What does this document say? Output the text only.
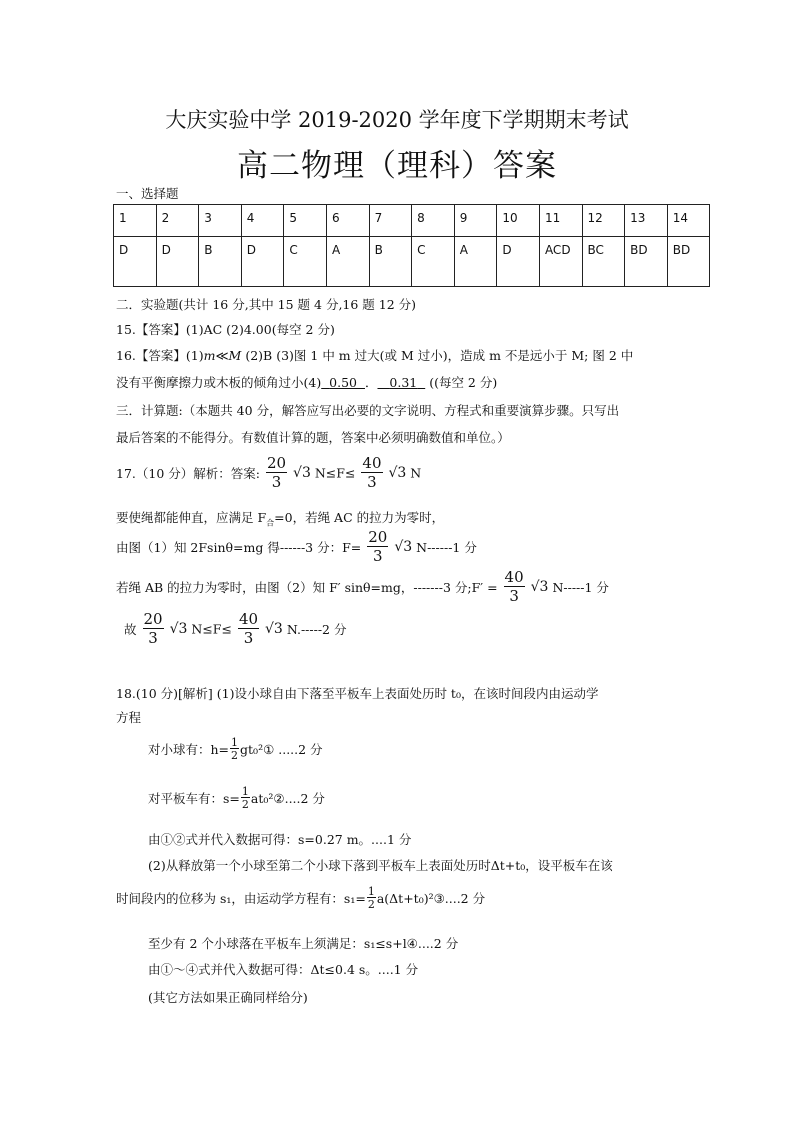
大庆实验中学 2019-2020 学年度下学期期末考试
高二物理（理科）答案
一、选择题
1	2	3	4	5	6	7	8	9	10	11	12	13	14
D	D	B	D	C	A	B	C	A	D	ACD	BC	BD	BD
二．实验题(共计 16 分,其中 15 题 4 分,16 题 12 分)
15.【答案】(1)AC (2)4.00(每空 2 分)
16.【答案】(1)m≪M (2)B (3)图 1 中 m 过大(或 M 过小)，造成 m 不是远小于 M; 图 2 中
没有平衡摩擦力或木板的倾角过小(4) 0.50 ． 0.31 ((每空 2 分)
三．计算题:（本题共 40 分，解答应写出必要的文字说明、方程式和重要演算步骤。只写出
最后答案的不能得分。有数值计算的题，答案中必须明确数值和单位。）
17.（10 分）解析：答案: $\frac{20}{3} √3$ $N\le F\le \frac{40}{3} √3$ N
要使绳都能伸直，应满足 $F_合=0$，若绳 AC 的拉力为零时，
由图（1）知 2Fsinθ=mg 得------3 分：$F= \frac{20}{3} √3$ N------1 分
若绳 AB 的拉力为零时，由图（2）知 F′ sinθ=mg，-------3 分;F′ = $\frac{40}{3} √3$ N-----1 分
故 $\frac{20}{3} √3$ $N\le F\le \frac{40}{3} √3$ N.-----2 分
18.(10 分)[解析] (1)设小球自由下落至平板车上表面处历时 t₀，在该时间段内由运动学
方程
对小球有：$h= \frac{1}{2}$ gt₀²① .....2 分
对平板车有：$s= \frac{1}{2}$ at₀²②....2 分
由①②式并代入数据可得：s=0.27 m。....1 分
(2)从释放第一个小球至第二个小球下落到平板车上表面处历时Δt+t₀，设平板车在该
时间段内的位移为 s₁，由运动学方程有：$s_1= \frac{1}{2}$ a(Δt+t₀)²③....2 分
至少有 2 个小球落在平板车上须满足：s₁≤s+l④....2 分
由①～④式并代入数据可得：Δt≤0.4 s。....1 分
(其它方法如果正确同样给分)
